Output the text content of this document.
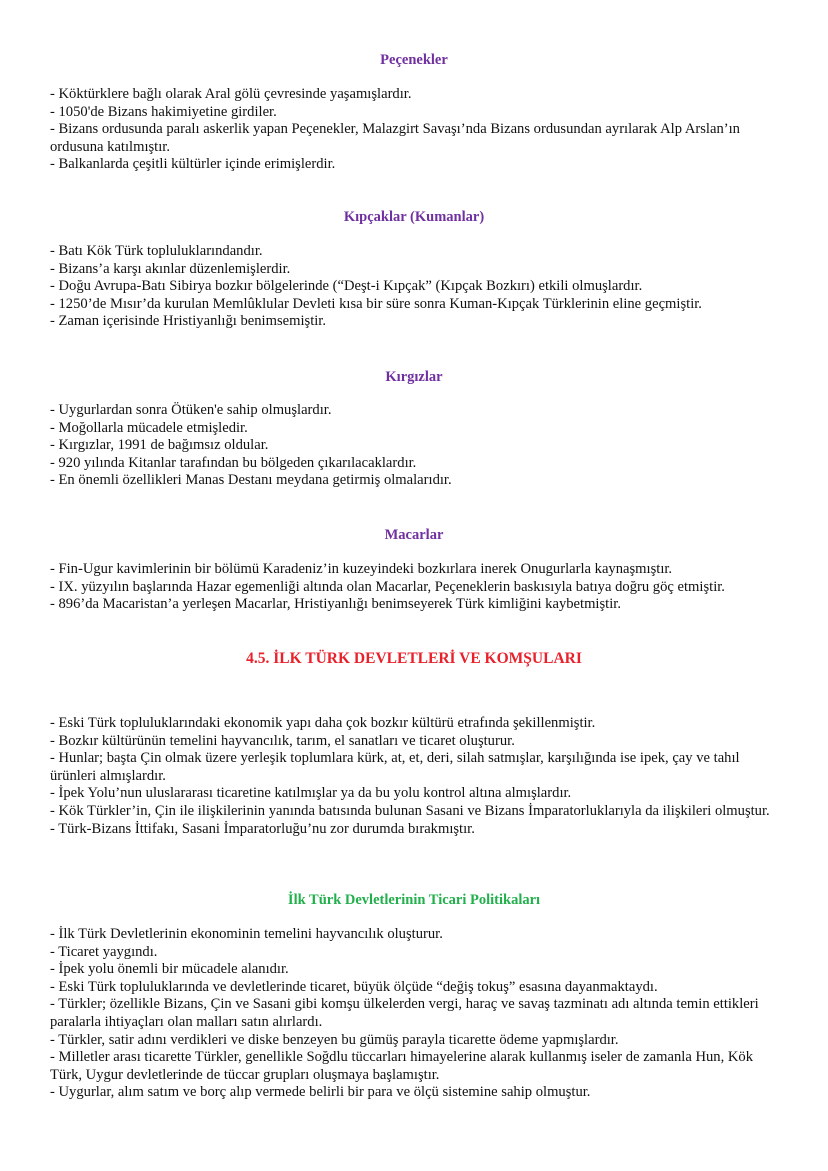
Peçenekler
- Köktürklere bağlı olarak Aral gölü çevresinde yaşamışlardır.
- 1050'de Bizans hakimiyetine girdiler.
- Bizans ordusunda paralı askerlik yapan Peçenekler, Malazgirt Savaşı’nda Bizans ordusundan ayrılarak Alp Arslan’ın ordusuna katılmıştır.
- Balkanlarda çeşitli kültürler içinde erimişlerdir.
Kıpçaklar (Kumanlar)
- Batı Kök Türk topluluklarındandır.
- Bizans’a karşı akınlar düzenlemişlerdir.
- Doğu Avrupa-Batı Sibirya bozkır bölgelerinde (“Deşt-i Kıpçak” (Kıpçak Bozkırı) etkili olmuşlardır.
- 1250’de Mısır’da kurulan Memlûklular Devleti kısa bir süre sonra Kuman-Kıpçak Türklerinin eline geçmiştir.
- Zaman içerisinde Hristiyanlığı benimsemiştir.
Kırgızlar
- Uygurlardan sonra Ötüken'e sahip olmuşlardır.
- Moğollarla mücadele etmişledir.
- Kırgızlar, 1991 de bağımsız oldular.
- 920 yılında Kitanlar tarafından bu bölgeden çıkarılacaklardır.
- En önemli özellikleri Manas Destanı meydana getirmiş olmalarıdır.
Macarlar
- Fin-Ugur kavimlerinin bir bölümü Karadeniz’in kuzeyindeki bozkırlara inerek Onugurlarla kaynaşmıştır.
- IX. yüzyılın başlarında Hazar egemenliği altında olan Macarlar, Peçeneklerin baskısıyla batıya doğru göç etmiştir.
- 896’da Macaristan’a yerleşen Macarlar, Hristiyanlığı benimseyerek Türk kimliğini kaybetmiştir.
4.5. İLK TÜRK DEVLETLERİ VE KOMŞULARI
- Eski Türk topluluklarındaki ekonomik yapı daha çok bozkır kültürü etrafında şekillenmiştir.
- Bozkır kültürünün temelini hayvancılık, tarım, el sanatları ve ticaret oluşturur.
- Hunlar; başta Çin olmak üzere yerleşik toplumlara kürk, at, et, deri, silah satmışlar, karşılığında ise ipek, çay ve tahıl ürünleri almışlardır.
- İpek Yolu’nun uluslararası ticaretine katılmışlar ya da bu yolu kontrol altına almışlardır.
- Kök Türkler’in, Çin ile ilişkilerinin yanında batısında bulunan Sasani ve Bizans İmparatorluklarıyla da ilişkileri olmuştur.
- Türk-Bizans İttifakı, Sasani İmparatorluğu’nu zor durumda bırakmıştır.
İlk Türk Devletlerinin Ticari Politikaları
- İlk Türk Devletlerinin ekonominin temelini hayvancılık oluşturur.
- Ticaret yaygındı.
- İpek yolu önemli bir mücadele alanıdır.
- Eski Türk topluluklarında ve devletlerinde ticaret, büyük ölçüde “değiş tokuş” esasına dayanmaktaydı.
- Türkler; özellikle Bizans, Çin ve Sasani gibi komşu ülkelerden vergi, haraç ve savaş tazminatı adı altında temin ettikleri paralarla ihtiyaçları olan malları satın alırlardı.
- Türkler, satir adını verdikleri ve diske benzeyen bu gümüş parayla ticarette ödeme yapmışlardır.
- Milletler arası ticarette Türkler, genellikle Soğdlu tüccarları himayelerine alarak kullanmış iseler de zamanla Hun, Kök Türk, Uygur devletlerinde de tüccar grupları oluşmaya başlamıştır.
- Uygurlar, alım satım ve borç alıp vermede belirli bir para ve ölçü sistemine sahip olmuştur.
